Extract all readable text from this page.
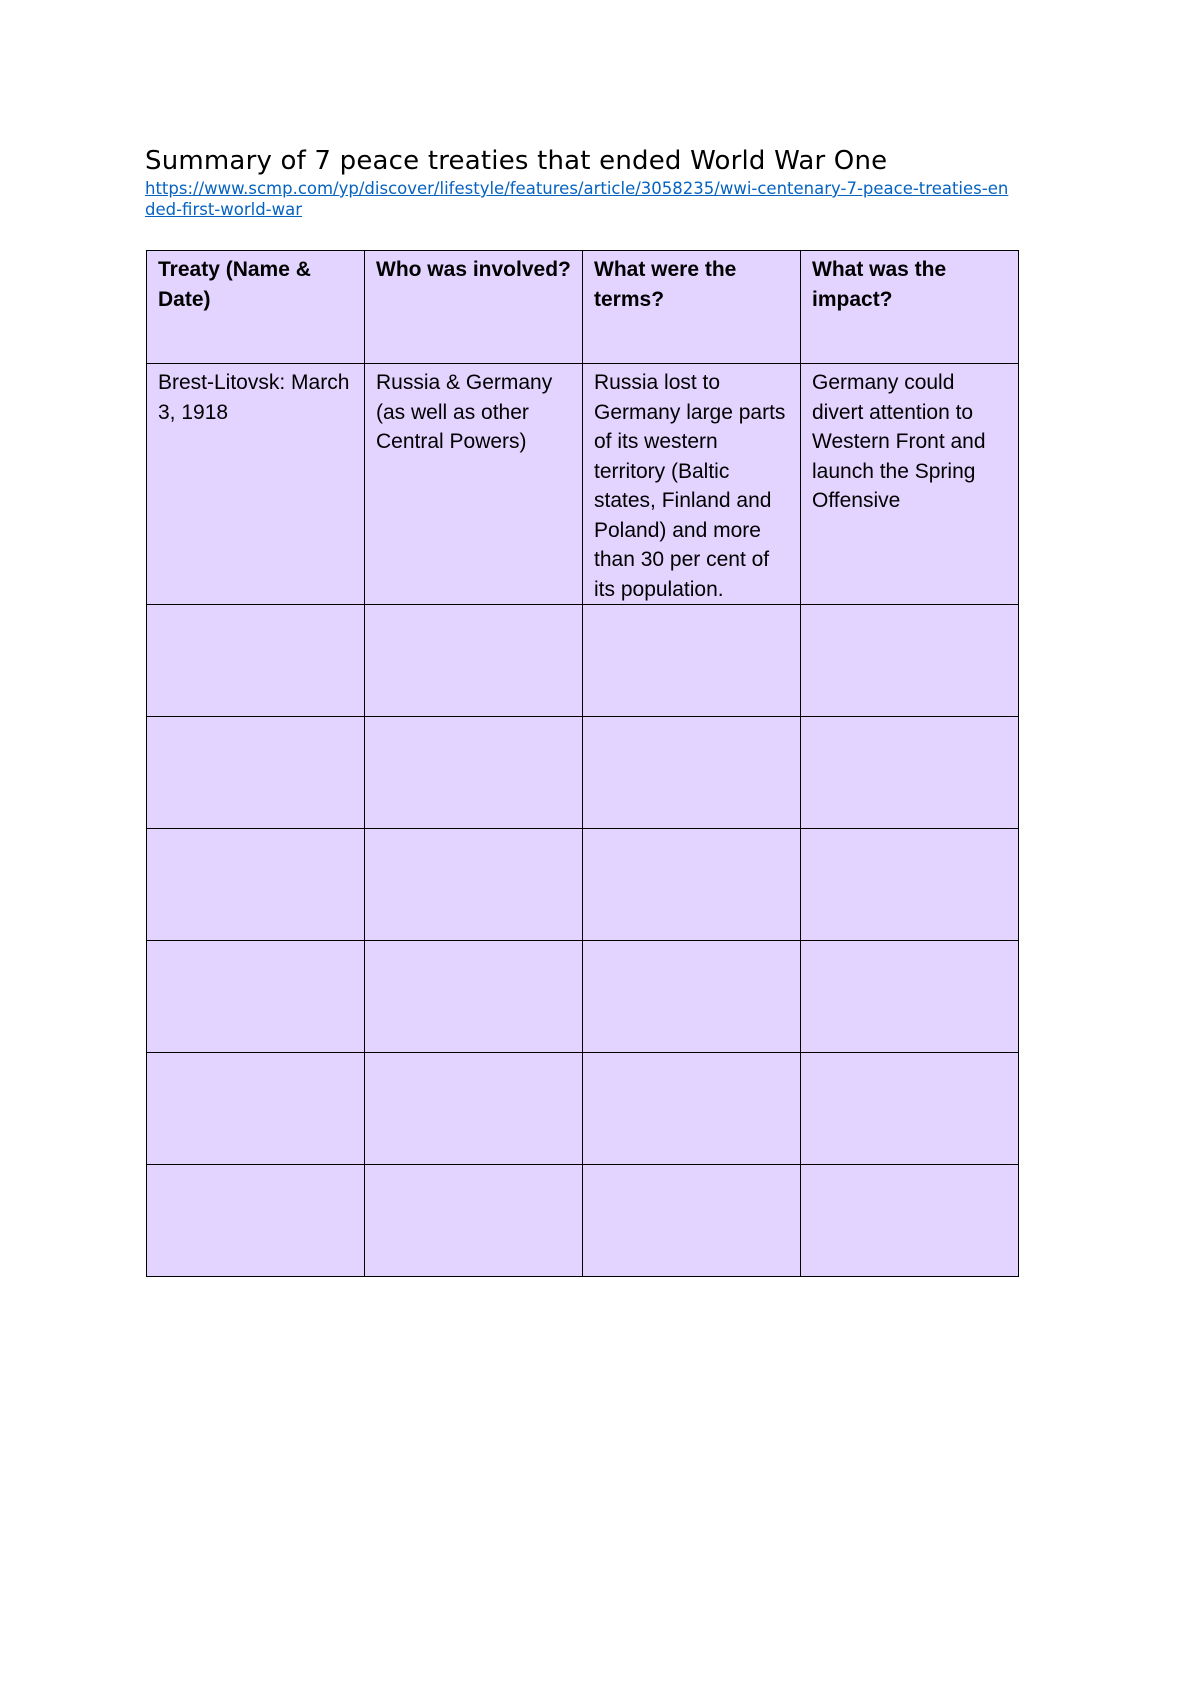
Summary of 7 peace treaties that ended World War One
https://www.scmp.com/yp/discover/lifestyle/features/article/3058235/wwi-centenary-7-peace-treaties-ended-first-world-war
Treaty (Name & Date)	Who was involved?	What were the terms?	What was the impact?
Brest-Litovsk: March 3, 1918	Russia & Germany (as well as other Central Powers)	Russia lost to Germany large parts of its western territory (Baltic states, Finland and Poland) and more than 30 per cent of its population.	Germany could divert attention to Western Front and launch the Spring Offensive
